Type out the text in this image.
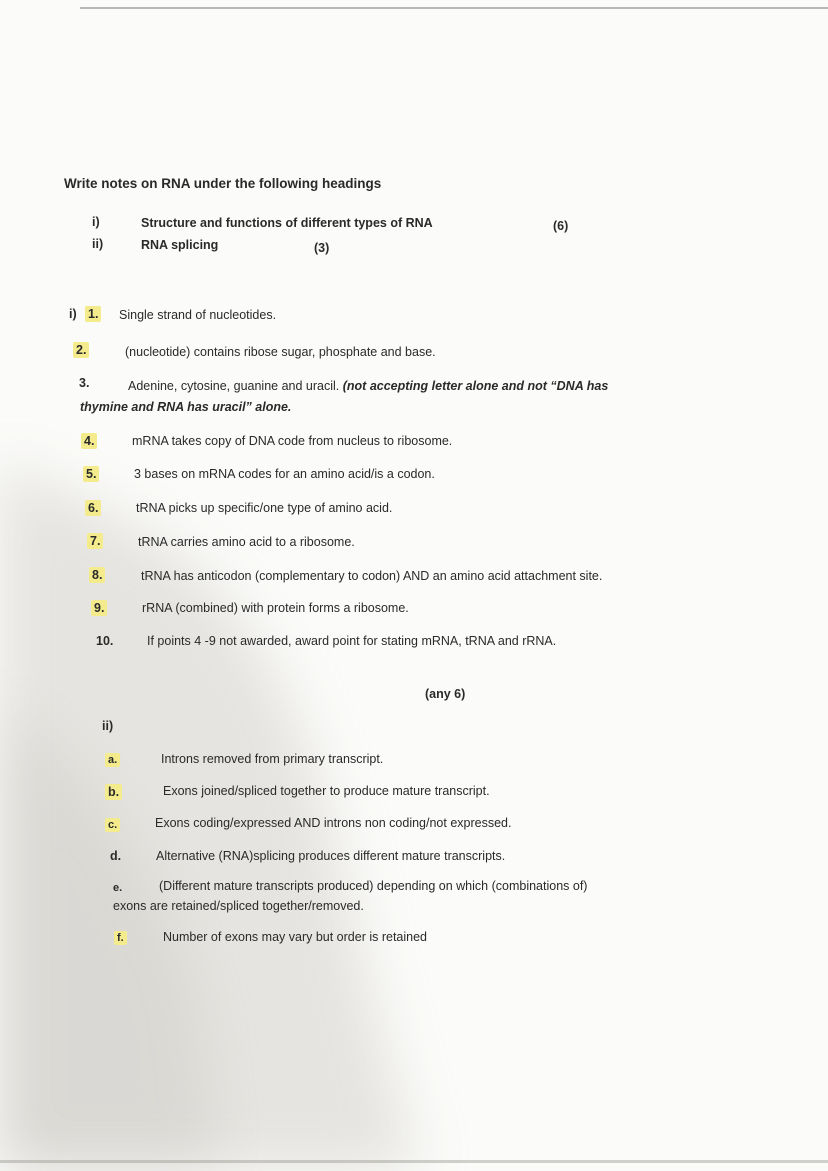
Write notes on RNA under the following headings
i)	Structure and functions of different types of RNA	(6)
ii)	RNA splicing	(3)
i) 1. Single strand of nucleotides.
2.	(nucleotide) contains ribose sugar, phosphate and base.
3.	Adenine, cytosine, guanine and uracil. (not accepting letter alone and not “DNA has
thymine and RNA has uracil” alone.
4.	mRNA takes copy of DNA code from nucleus to ribosome.
5.	3 bases on mRNA codes for an amino acid/is a codon.
6.	tRNA picks up specific/one type of amino acid.
7.	tRNA carries amino acid to a ribosome.
8.	tRNA has anticodon (complementary to codon) AND an amino acid attachment site.
9.	rRNA (combined) with protein forms a ribosome.
10.	If points 4 -9 not awarded, award point for stating mRNA, tRNA and rRNA.
(any 6)
ii)
a.	Introns removed from primary transcript.
b.	Exons joined/spliced together to produce mature transcript.
c.	Exons coding/expressed AND introns non coding/not expressed.
d.	Alternative (RNA)splicing produces different mature transcripts.
e.	(Different mature transcripts produced) depending on which (combinations of)
exons are retained/spliced together/removed.
f.	Number of exons may vary but order is retained
